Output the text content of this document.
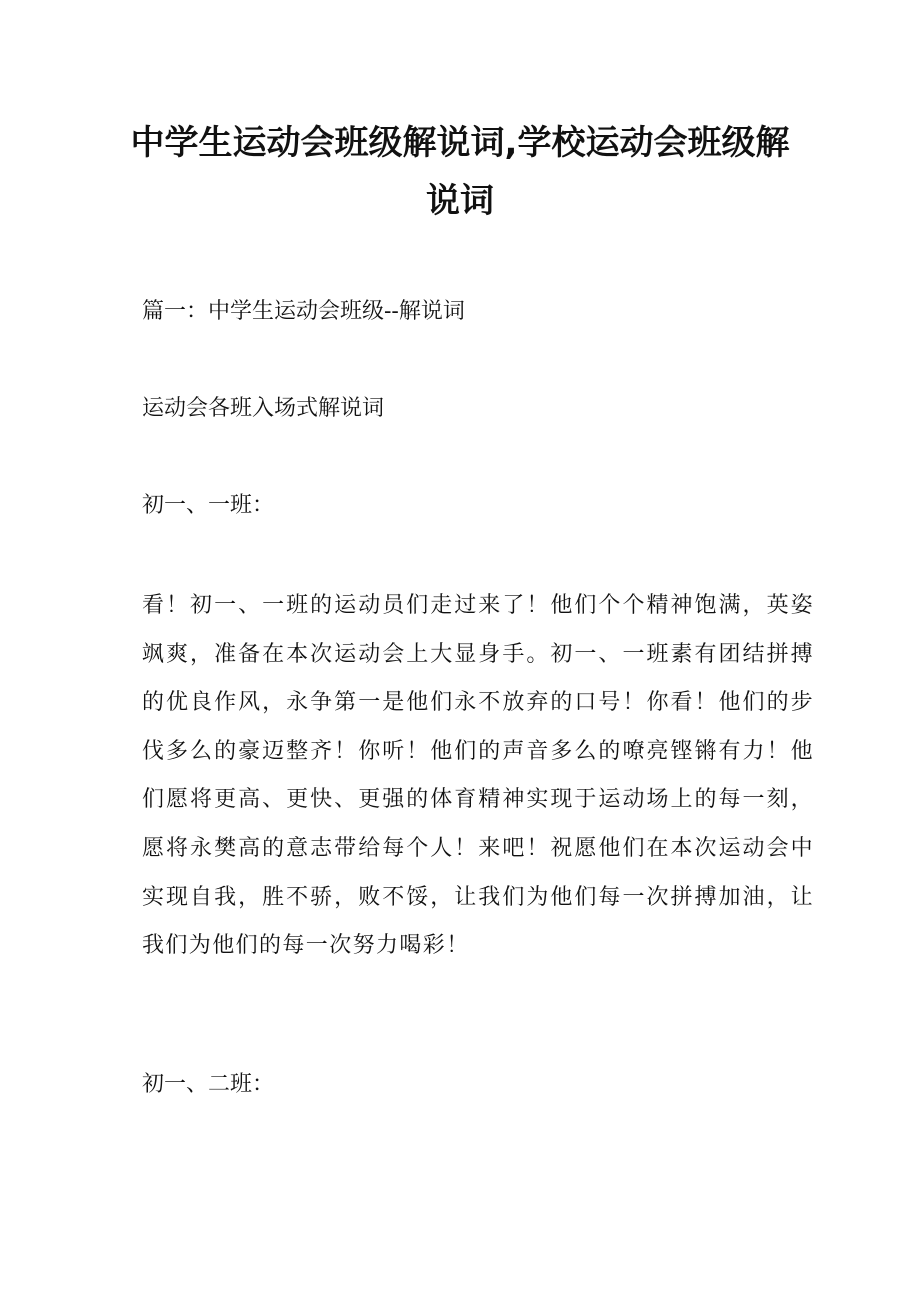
中学生运动会班级解说词,学校运动会班级解说词

篇一：中学生运动会班级--解说词

运动会各班入场式解说词

初一、一班：

看！初一、一班的运动员们走过来了！他们个个精神饱满，英姿飒爽，准备在本次运动会上大显身手。初一、一班素有团结拼搏的优良作风，永争第一是他们永不放弃的口号！你看！他们的步伐多么的豪迈整齐！你听！他们的声音多么的嘹亮铿锵有力！他们愿将更高、更快、更强的体育精神实现于运动场上的每一刻，愿将永樊高的意志带给每个人！来吧！祝愿他们在本次运动会中实现自我，胜不骄，败不馁，让我们为他们每一次拼搏加油，让我们为他们的每一次努力喝彩！

初一、二班：
